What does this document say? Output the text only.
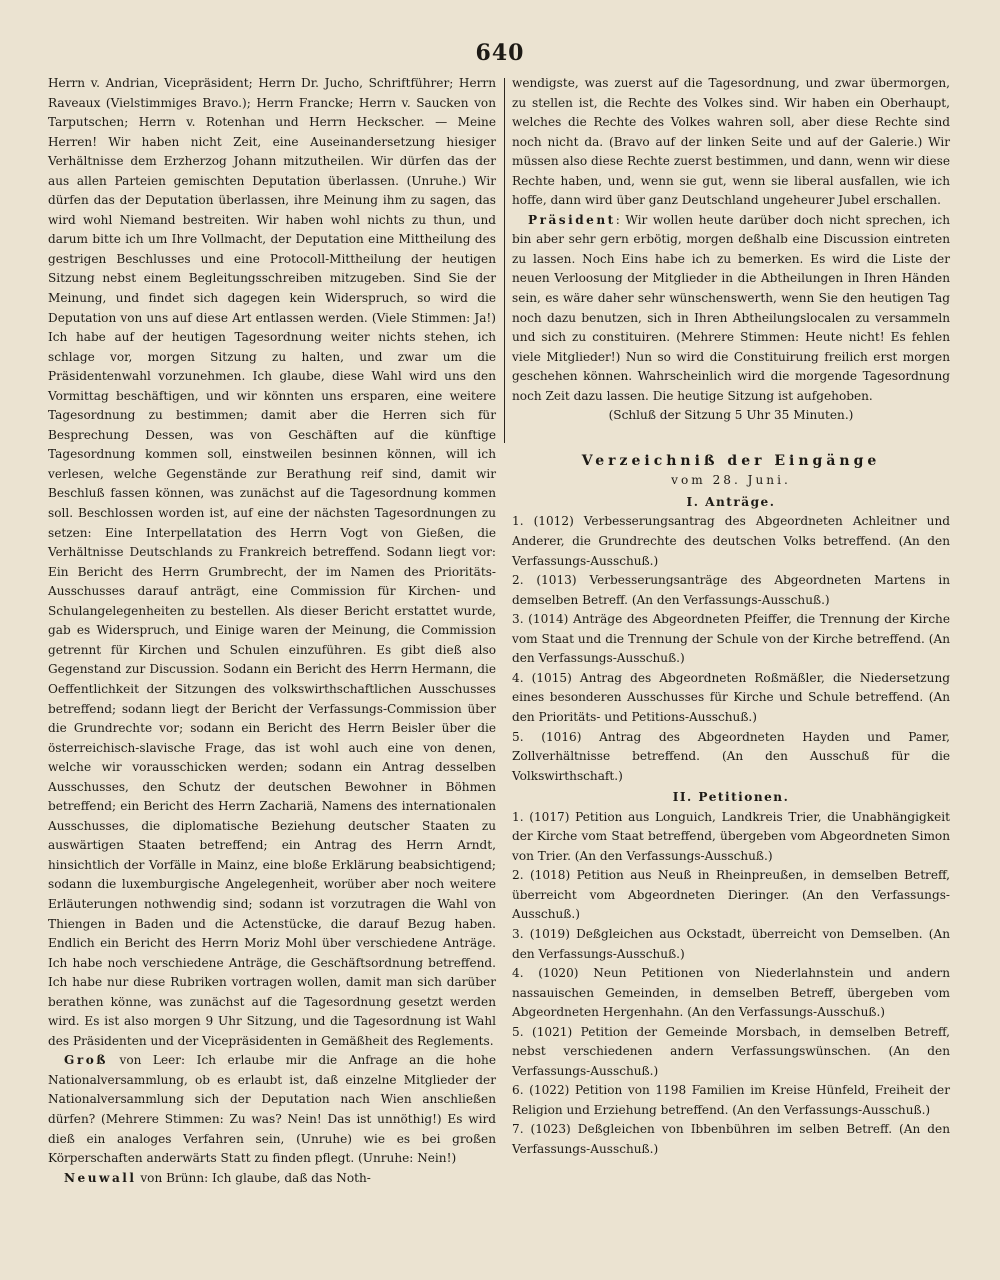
640

Herrn v. Andrian, Vicepräsident; Herrn Dr. Jucho, Schriftführer; Herrn Raveaux (Vielstimmiges Bravo.); Herrn Francke; Herrn v. Saucken von Tarputschen; Herrn v. Rotenhan und Herrn Heckscher. — Meine Herren! Wir haben nicht Zeit, eine Auseinandersetzung hiesiger Verhältnisse dem Erzherzog Johann mitzutheilen. Wir dürfen das der aus allen Parteien gemischten Deputation überlassen. (Unruhe.) Wir dürfen das der Deputation überlassen, ihre Meinung ihm zu sagen, das wird wohl Niemand bestreiten. Wir haben wohl nichts zu thun, und darum bitte ich um Ihre Vollmacht, der Deputation eine Mittheilung des gestrigen Beschlusses und eine Protocoll-Mittheilung der heutigen Sitzung nebst einem Begleitungsschreiben mitzugeben. Sind Sie der Meinung, und findet sich dagegen kein Widerspruch, so wird die Deputation von uns auf diese Art entlassen werden. (Viele Stimmen: Ja!) Ich habe auf der heutigen Tagesordnung weiter nichts stehen, ich schlage vor, morgen Sitzung zu halten, und zwar um die Präsidentenwahl vorzunehmen. Ich glaube, diese Wahl wird uns den Vormittag beschäftigen, und wir könnten uns ersparen, eine weitere Tagesordnung zu bestimmen; damit aber die Herren sich für Besprechung Dessen, was von Geschäften auf die künftige Tagesordnung kommen soll, einstweilen besinnen können, will ich verlesen, welche Gegenstände zur Berathung reif sind, damit wir Beschluß fassen können, was zunächst auf die Tagesordnung kommen soll. Beschlossen worden ist, auf eine der nächsten Tagesordnungen zu setzen: Eine Interpellatation des Herrn Vogt von Gießen, die Verhältnisse Deutschlands zu Frankreich betreffend. Sodann liegt vor: Ein Bericht des Herrn Grumbrecht, der im Namen des Prioritäts-Ausschusses darauf anträgt, eine Commission für Kirchen- und Schulangelegenheiten zu bestellen. Als dieser Bericht erstattet wurde, gab es Widerspruch, und Einige waren der Meinung, die Commission getrennt für Kirchen und Schulen einzuführen. Es gibt dieß also Gegenstand zur Discussion. Sodann ein Bericht des Herrn Hermann, die Oeffentlichkeit der Sitzungen des volkswirthschaftlichen Ausschusses betreffend; sodann liegt der Bericht der Verfassungs-Commission über die Grundrechte vor; sodann ein Bericht des Herrn Beisler über die österreichisch-slavische Frage, das ist wohl auch eine von denen, welche wir vorausschicken werden; sodann ein Antrag desselben Ausschusses, den Schutz der deutschen Bewohner in Böhmen betreffend; ein Bericht des Herrn Zachariä, Namens des internationalen Ausschusses, die diplomatische Beziehung deutscher Staaten zu auswärtigen Staaten betreffend; ein Antrag des Herrn Arndt, hinsichtlich der Vorfälle in Mainz, eine bloße Erklärung beabsichtigend; sodann die luxemburgische Angelegenheit, worüber aber noch weitere Erläuterungen nothwendig sind; sodann ist vorzutragen die Wahl von Thiengen in Baden und die Actenstücke, die darauf Bezug haben. Endlich ein Bericht des Herrn Moriz Mohl über verschiedene Anträge. Ich habe noch verschiedene Anträge, die Geschäftsordnung betreffend. Ich habe nur diese Rubriken vortragen wollen, damit man sich darüber berathen könne, was zunächst auf die Tagesordnung gesetzt werden wird. Es ist also morgen 9 Uhr Sitzung, und die Tagesordnung ist Wahl des Präsidenten und der Vicepräsidenten in Gemäßheit des Reglements.

Groß von Leer: Ich erlaube mir die Anfrage an die hohe Nationalversammlung, ob es erlaubt ist, daß einzelne Mitglieder der Nationalversammlung sich der Deputation nach Wien anschließen dürfen? (Mehrere Stimmen: Zu was? Nein! Das ist unnöthig!) Es wird dieß ein analoges Verfahren sein, (Unruhe) wie es bei großen Körperschaften anderwärts Statt zu finden pflegt. (Unruhe: Nein!)

Neuwall von Brünn: Ich glaube, daß das Noth-

wendigste, was zuerst auf die Tagesordnung, und zwar übermorgen, zu stellen ist, die Rechte des Volkes sind. Wir haben ein Oberhaupt, welches die Rechte des Volkes wahren soll, aber diese Rechte sind noch nicht da. (Bravo auf der linken Seite und auf der Galerie.) Wir müssen also diese Rechte zuerst bestimmen, und dann, wenn wir diese Rechte haben, und, wenn sie gut, wenn sie liberal ausfallen, wie ich hoffe, dann wird über ganz Deutschland ungeheurer Jubel erschallen.

Präsident: Wir wollen heute darüber doch nicht sprechen, ich bin aber sehr gern erbötig, morgen deßhalb eine Discussion eintreten zu lassen. Noch Eins habe ich zu bemerken. Es wird die Liste der neuen Verloosung der Mitglieder in die Abtheilungen in Ihren Händen sein, es wäre daher sehr wünschenswerth, wenn Sie den heutigen Tag noch dazu benutzen, sich in Ihren Abtheilungslocalen zu versammeln und sich zu constituiren. (Mehrere Stimmen: Heute nicht! Es fehlen viele Mitglieder!) Nun so wird die Constituirung freilich erst morgen geschehen können. Wahrscheinlich wird die morgende Tagesordnung noch Zeit dazu lassen. Die heutige Sitzung ist aufgehoben.

(Schluß der Sitzung 5 Uhr 35 Minuten.)

Verzeichniß der Eingänge
vom 28. Juni.
I. Anträge.

1. (1012) Verbesserungsantrag des Abgeordneten Achleitner und Anderer, die Grundrechte des deutschen Volks betreffend. (An den Verfassungs-Ausschuß.)

2. (1013) Verbesserungsanträge des Abgeordneten Martens in demselben Betreff. (An den Verfassungs-Ausschuß.)

3. (1014) Anträge des Abgeordneten Pfeiffer, die Trennung der Kirche vom Staat und die Trennung der Schule von der Kirche betreffend. (An den Verfassungs-Ausschuß.)

4. (1015) Antrag des Abgeordneten Roßmäßler, die Niedersetzung eines besonderen Ausschusses für Kirche und Schule betreffend. (An den Prioritäts- und Petitions-Ausschuß.)

5. (1016) Antrag des Abgeordneten Hayden und Pamer, Zollverhältnisse betreffend. (An den Ausschuß für die Volkswirthschaft.)

II. Petitionen.

1. (1017) Petition aus Longuich, Landkreis Trier, die Unabhängigkeit der Kirche vom Staat betreffend, übergeben vom Abgeordneten Simon von Trier. (An den Verfassungs-Ausschuß.)

2. (1018) Petition aus Neuß in Rheinpreußen, in demselben Betreff, überreicht vom Abgeordneten Dieringer. (An den Verfassungs-Ausschuß.)

3. (1019) Deßgleichen aus Ockstadt, überreicht von Demselben. (An den Verfassungs-Ausschuß.)

4. (1020) Neun Petitionen von Niederlahnstein und andern nassauischen Gemeinden, in demselben Betreff, übergeben vom Abgeordneten Hergenhahn. (An den Verfassungs-Ausschuß.)

5. (1021) Petition der Gemeinde Morsbach, in demselben Betreff, nebst verschiedenen andern Verfassungswünschen. (An den Verfassungs-Ausschuß.)

6. (1022) Petition von 1198 Familien im Kreise Hünfeld, Freiheit der Religion und Erziehung betreffend. (An den Verfassungs-Ausschuß.)

7. (1023) Deßgleichen von Ibbenbühren im selben Betreff. (An den Verfassungs-Ausschuß.)
